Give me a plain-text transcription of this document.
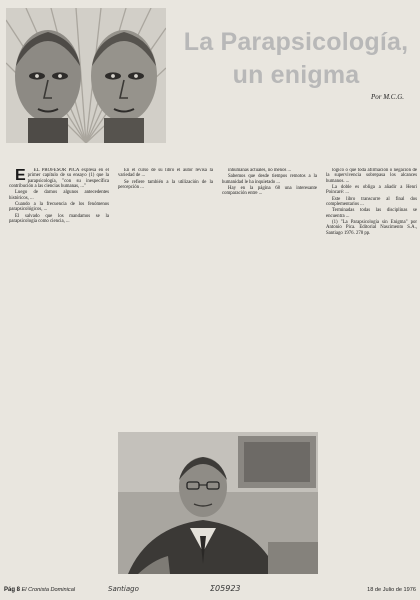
La Parapsicología,
un enigma
Por M.C.G.

E EL PROFESOR PICA expresa en el primer capítulo de su ensayo (1) que la parapsicología, "con su inespecífica contribución a las ciencias humanas, ..."

Luego de darnos algunos antecedentes históricos, ...

Cuando a la frecuencia de los fenómenos parapsicológicos, ...

El salvado que los mandamos se la parapsicología como ciencia, ...

En el curso de su libro el autor revisa la variedad de ...

Se refiere también a la utilización de la percepción ...

inhumanas actuales, no menos ...

Sabemos que desde tiempos remotos a la humanidad le ha inquietado ...

Hay en la página 68 una interesante comparación entre ...

lógico o que toda afirmación o negación de la supervivencia sobrepasa los alcances humanos. ...

La doble es obliga a añadir a Henri Poincaré: ...

Este libro transcurre al final dos complementarios ...

Terminadas todas las disciplinas se encuentra ...

(1) "La Parapsicología sin Enigma" por Antonio Pica. Editorial Nascimento S.A., Santiago 1976. 278 pp.

Pág 8 El Cronista Dominical	Santiago	Σ05923	18 de Julio de 1976
